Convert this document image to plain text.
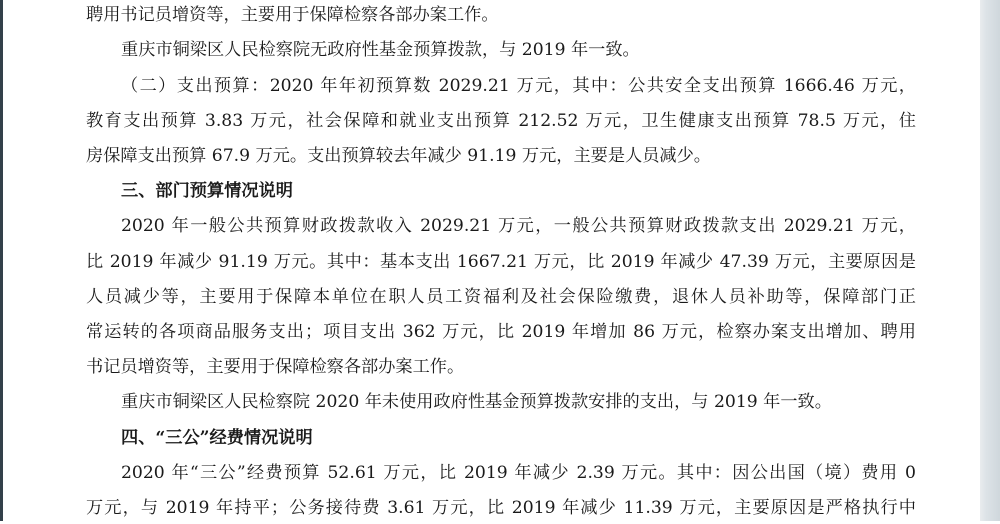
聘用书记员增资等，主要用于保障检察各部办案工作。
重庆市铜梁区人民检察院无政府性基金预算拨款，与 2019 年一致。
（二）支出预算：2020 年年初预算数 2029.21 万元，其中：公共安全支出预算 1666.46 万元，
教育支出预算 3.83 万元，社会保障和就业支出预算 212.52 万元，卫生健康支出预算 78.5 万元，住
房保障支出预算 67.9 万元。支出预算较去年减少 91.19 万元，主要是人员减少。
三、部门预算情况说明
2020 年一般公共预算财政拨款收入 2029.21 万元，一般公共预算财政拨款支出 2029.21 万元，
比 2019 年减少 91.19 万元。其中：基本支出 1667.21 万元，比 2019 年减少 47.39 万元，主要原因是
人员减少等，主要用于保障本单位在职人员工资福利及社会保险缴费，退休人员补助等，保障部门正
常运转的各项商品服务支出；项目支出 362 万元，比 2019 年增加 86 万元，检察办案支出增加、聘用
书记员增资等，主要用于保障检察各部办案工作。
重庆市铜梁区人民检察院 2020 年未使用政府性基金预算拨款安排的支出，与 2019 年一致。
四、“三公”经费情况说明
2020 年“三公”经费预算 52.61 万元，比 2019 年减少 2.39 万元。其中：因公出国（境）费用 0
万元，与 2019 年持平；公务接待费 3.61 万元，比 2019 年减少 11.39 万元，主要原因是严格执行中
